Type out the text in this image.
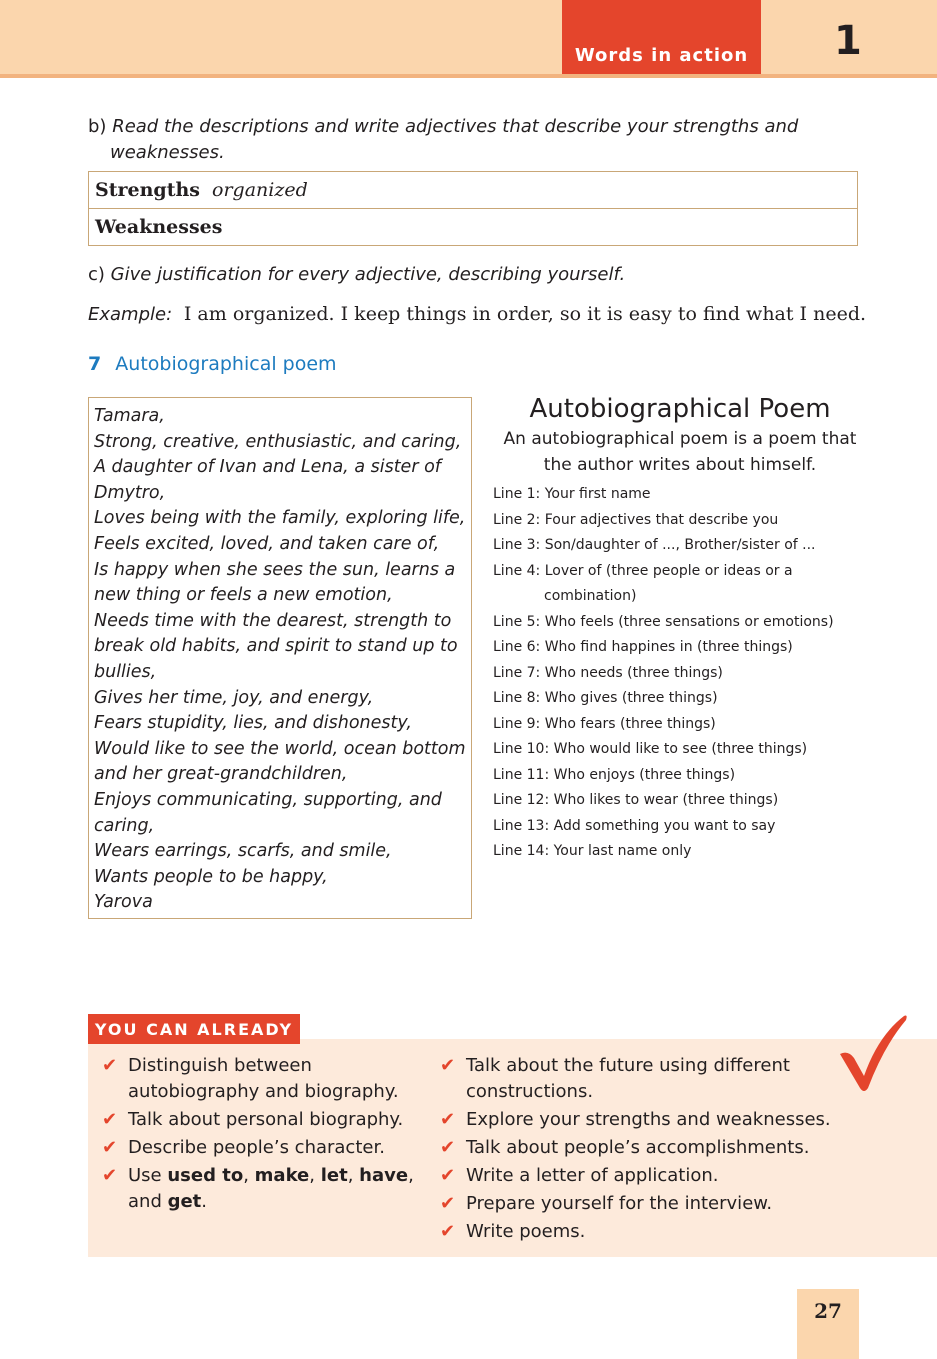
Words in action	1
b) Read the descriptions and write adjectives that describe your strengths and
weaknesses.
Strengths organized
Weaknesses
c) Give justification for every adjective, describing yourself.
Example: I am organized. I keep things in order, so it is easy to find what I need.
7 Autobiographical poem
Tamara,
Strong, creative, enthusiastic, and caring,
A daughter of Ivan and Lena, a sister of
Dmytro,
Loves being with the family, exploring life,
Feels excited, loved, and taken care of,
Is happy when she sees the sun, learns a
new thing or feels a new emotion,
Needs time with the dearest, strength to
break old habits, and spirit to stand up to
bullies,
Gives her time, joy, and energy,
Fears stupidity, lies, and dishonesty,
Would like to see the world, ocean bottom
and her great-grandchildren,
Enjoys communicating, supporting, and
caring,
Wears earrings, scarfs, and smile,
Wants people to be happy,
Yarova
Autobiographical Poem
An autobiographical poem is a poem that the author writes about himself.
Line 1: Your first name
Line 2: Four adjectives that describe you
Line 3: Son/daughter of ..., Brother/sister of ...
Line 4: Lover of (three people or ideas or a
combination)
Line 5: Who feels (three sensations or emotions)
Line 6: Who find happines in (three things)
Line 7: Who needs (three things)
Line 8: Who gives (three things)
Line 9: Who fears (three things)
Line 10: Who would like to see (three things)
Line 11: Who enjoys (three things)
Line 12: Who likes to wear (three things)
Line 13: Add something you want to say
Line 14: Your last name only
YOU CAN ALREADY
✔ Distinguish between autobiography and biography.
✔ Talk about personal biography.
✔ Describe people’s character.
✔ Use used to, make, let, have, and get.
✔ Talk about the future using different constructions.
✔ Explore your strengths and weaknesses.
✔ Talk about people’s accomplishments.
✔ Write a letter of application.
✔ Prepare yourself for the interview.
✔ Write poems.
27
